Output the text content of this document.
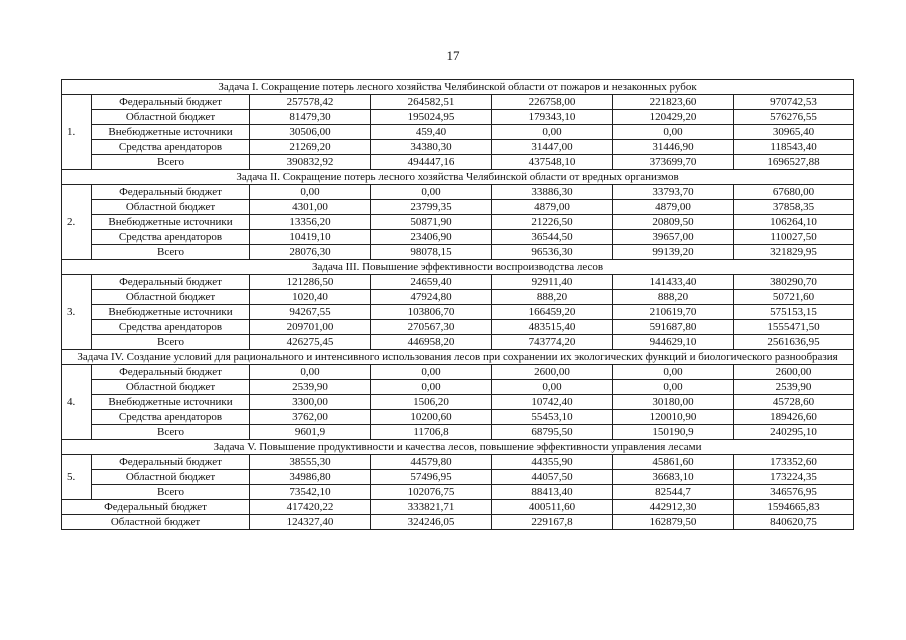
17
Задача I. Сокращение потерь лесного хозяйства Челябинской области от пожаров и незаконных рубок						
1.	Федеральный бюджет	257578,42	264582,51	226758,00	221823,60	970742,53
	Областной бюджет	81479,30	195024,95	179343,10	120429,20	576276,55
	Внебюджетные источники	30506,00	459,40	0,00	0,00	30965,40
	Средства арендаторов	21269,20	34380,30	31447,00	31446,90	118543,40
	Всего	390832,92	494447,16	437548,10	373699,70	1696527,88
Задача II. Сокращение потерь лесного хозяйства Челябинской области от вредных организмов						
2.	Федеральный бюджет	0,00	0,00	33886,30	33793,70	67680,00
	Областной бюджет	4301,00	23799,35	4879,00	4879,00	37858,35
	Внебюджетные источники	13356,20	50871,90	21226,50	20809,50	106264,10
	Средства арендаторов	10419,10	23406,90	36544,50	39657,00	110027,50
	Всего	28076,30	98078,15	96536,30	99139,20	321829,95
Задача III. Повышение эффективности воспроизводства лесов						
3.	Федеральный бюджет	121286,50	24659,40	92911,40	141433,40	380290,70
	Областной бюджет	1020,40	47924,80	888,20	888,20	50721,60
	Внебюджетные источники	94267,55	103806,70	166459,20	210619,70	575153,15
	Средства арендаторов	209701,00	270567,30	483515,40	591687,80	1555471,50
	Всего	426275,45	446958,20	743774,20	944629,10	2561636,95
Задача IV. Создание условий для рационального и интенсивного использования лесов при сохранении их экологических функций и биологического разнообразия						
4.	Федеральный бюджет	0,00	0,00	2600,00	0,00	2600,00
	Областной бюджет	2539,90	0,00	0,00	0,00	2539,90
	Внебюджетные источники	3300,00	1506,20	10742,40	30180,00	45728,60
	Средства арендаторов	3762,00	10200,60	55453,10	120010,90	189426,60
	Всего	9601,9	11706,8	68795,50	150190,9	240295,10
Задача V. Повышение продуктивности и качества лесов, повышение эффективности управления лесами						
5.	Федеральный бюджет	38555,30	44579,80	44355,90	45861,60	173352,60
	Областной бюджет	34986,80	57496,95	44057,50	36683,10	173224,35
	Всего	73542,10	102076,75	88413,40	82544,7	346576,95
Федеральный бюджет		417420,22	333821,71	400511,60	442912,30	1594665,83
Областной бюджет		124327,40	324246,05	229167,8	162879,50	840620,75
